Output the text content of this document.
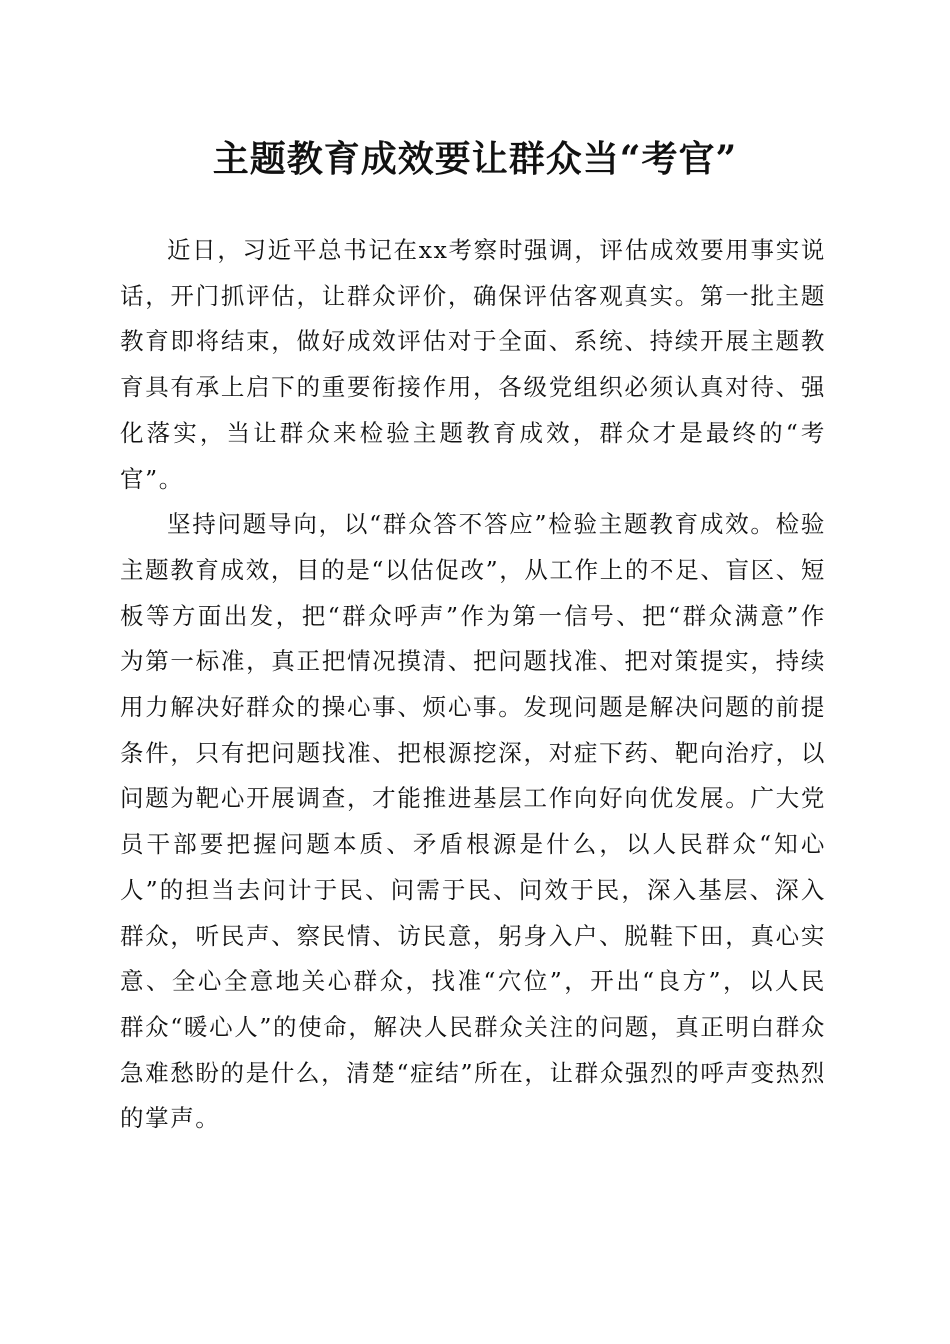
主题教育成效要让群众当“考官”

近日，习近平总书记在xx考察时强调，评估成效要用事实说话，开门抓评估，让群众评价，确保评估客观真实。第一批主题教育即将结束，做好成效评估对于全面、系统、持续开展主题教育具有承上启下的重要衔接作用，各级党组织必须认真对待、强化落实，当让群众来检验主题教育成效，群众才是最终的“考官”。

坚持问题导向，以“群众答不答应”检验主题教育成效。检验主题教育成效，目的是“以估促改”，从工作上的不足、盲区、短板等方面出发，把“群众呼声”作为第一信号、把“群众满意”作为第一标准，真正把情况摸清、把问题找准、把对策提实，持续用力解决好群众的操心事、烦心事。发现问题是解决问题的前提条件，只有把问题找准、把根源挖深，对症下药、靶向治疗，以问题为靶心开展调查，才能推进基层工作向好向优发展。广大党员干部要把握问题本质、矛盾根源是什么，以人民群众“知心人”的担当去问计于民、问需于民、问效于民，深入基层、深入群众，听民声、察民情、访民意，躬身入户、脱鞋下田，真心实意、全心全意地关心群众，找准“穴位”，开出“良方”，以人民群众“暖心人”的使命，解决人民群众关注的问题，真正明白群众急难愁盼的是什么，清楚“症结”所在，让群众强烈的呼声变热烈的掌声。
